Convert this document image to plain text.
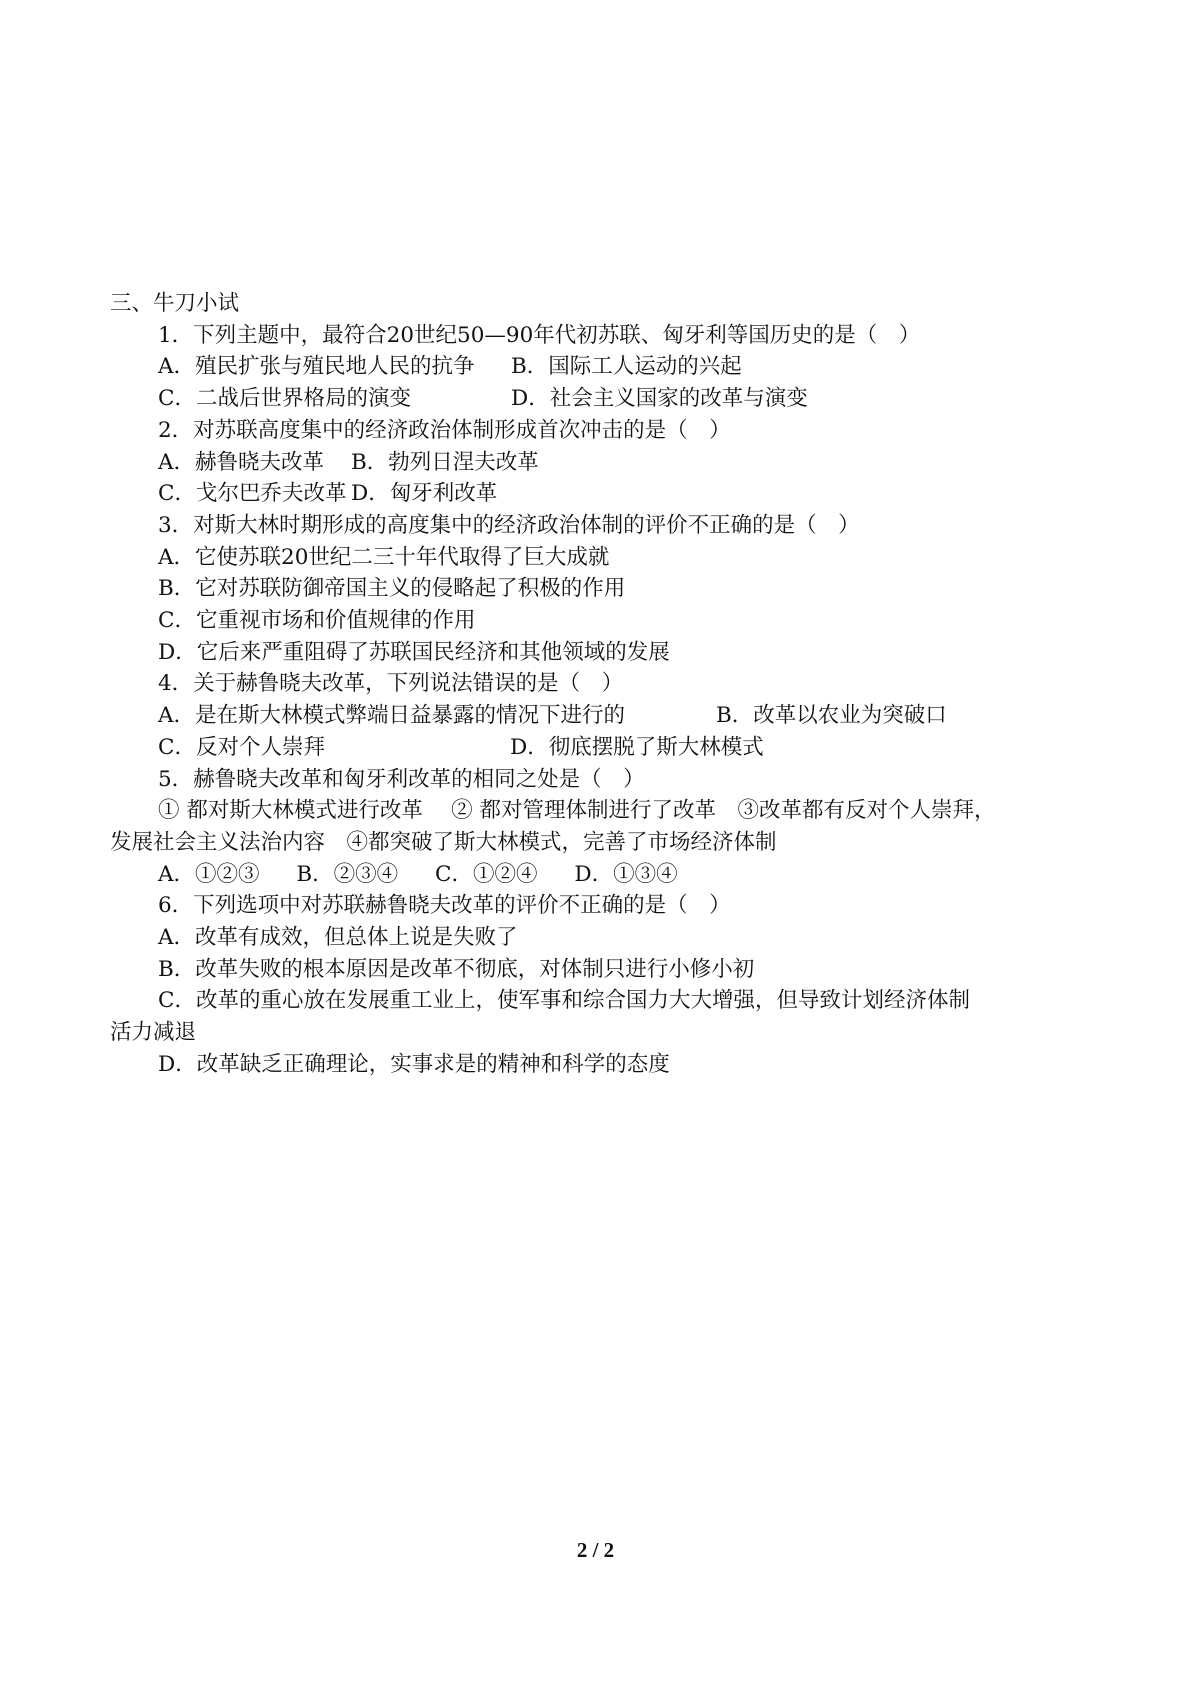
三、牛刀小试
1．下列主题中，最符合20世纪50—90年代初苏联、匈牙利等国历史的是（　）
A．殖民扩张与殖民地人民的抗争	B．国际工人运动的兴起
C．二战后世界格局的演变	D．社会主义国家的改革与演变
2．对苏联高度集中的经济政治体制形成首次冲击的是（　）
A．赫鲁晓夫改革	B．勃列日涅夫改革
C．戈尔巴乔夫改革 D．匈牙利改革
3．对斯大林时期形成的高度集中的经济政治体制的评价不正确的是（　）
A．它使苏联20世纪二三十年代取得了巨大成就
B．它对苏联防御帝国主义的侵略起了积极的作用
C．它重视市场和价值规律的作用
D．它后来严重阻碍了苏联国民经济和其他领域的发展
4．关于赫鲁晓夫改革，下列说法错误的是（　）
A．是在斯大林模式弊端日益暴露的情况下进行的	B．改革以农业为突破口
C．反对个人崇拜	D．彻底摆脱了斯大林模式
5．赫鲁晓夫改革和匈牙利改革的相同之处是（　）
① 都对斯大林模式进行改革　 ② 都对管理体制进行了改革　③改革都有反对个人崇拜，
发展社会主义法治内容　④都突破了斯大林模式，完善了市场经济体制
A．①②③ B．②③④ C．①②④ D．①③④
6．下列选项中对苏联赫鲁晓夫改革的评价不正确的是（　）
A．改革有成效，但总体上说是失败了
B．改革失败的根本原因是改革不彻底，对体制只进行小修小初
C．改革的重心放在发展重工业上，使军事和综合国力大大增强，但导致计划经济体制
活力减退
D．改革缺乏正确理论，实事求是的精神和科学的态度
2 / 2
